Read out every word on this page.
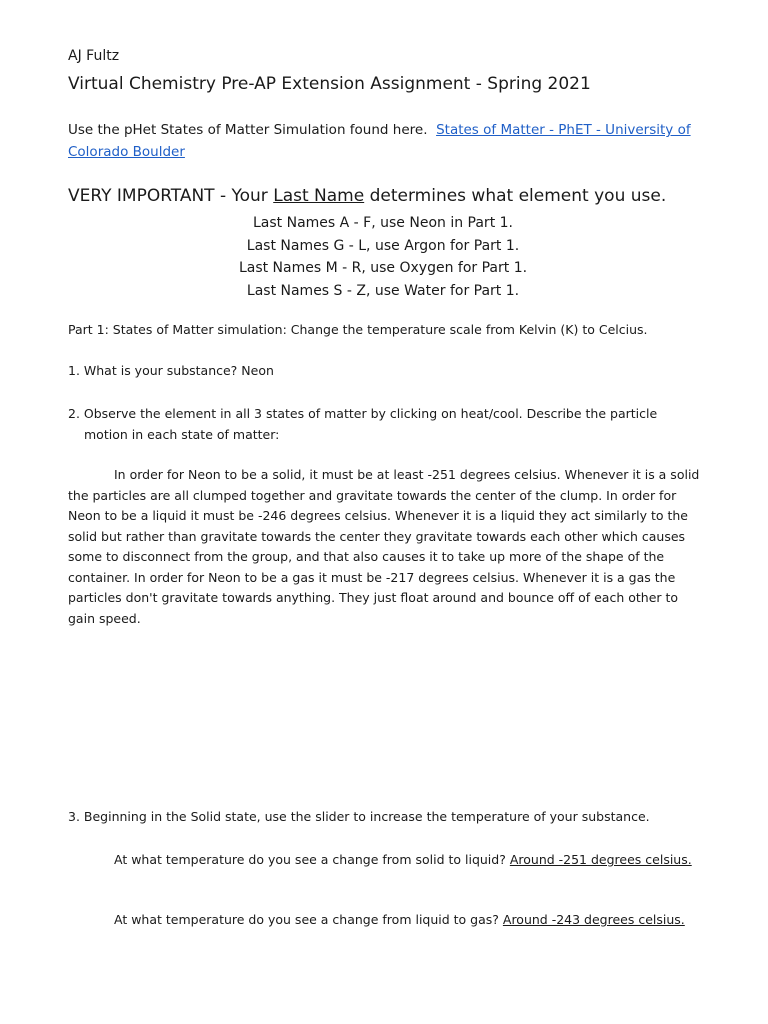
AJ Fultz
Virtual Chemistry Pre-AP Extension Assignment - Spring 2021
Use the pHet States of Matter Simulation found here. States of Matter - PhET - University of Colorado Boulder
VERY IMPORTANT - Your Last Name determines what element you use.
Last Names A - F, use Neon in Part 1.
Last Names G - L, use Argon for Part 1.
Last Names M - R, use Oxygen for Part 1.
Last Names S - Z, use Water for Part 1.
Part 1: States of Matter simulation: Change the temperature scale from Kelvin (K) to Celcius.
1. What is your substance? Neon
2. Observe the element in all 3 states of matter by clicking on heat/cool. Describe the particle
motion in each state of matter:
In order for Neon to be a solid, it must be at least -251 degrees celsius. Whenever it is a solid the particles are all clumped together and gravitate towards the center of the clump. In order for Neon to be a liquid it must be -246 degrees celsius. Whenever it is a liquid they act similarly to the solid but rather than gravitate towards the center they gravitate towards each other which causes some to disconnect from the group, and that also causes it to take up more of the shape of the container. In order for Neon to be a gas it must be -217 degrees celsius. Whenever it is a gas the particles don't gravitate towards anything. They just float around and bounce off of each other to gain speed.
3. Beginning in the Solid state, use the slider to increase the temperature of your substance.
At what temperature do you see a change from solid to liquid? Around -251 degrees celsius.
At what temperature do you see a change from liquid to gas? Around -243 degrees celsius.
